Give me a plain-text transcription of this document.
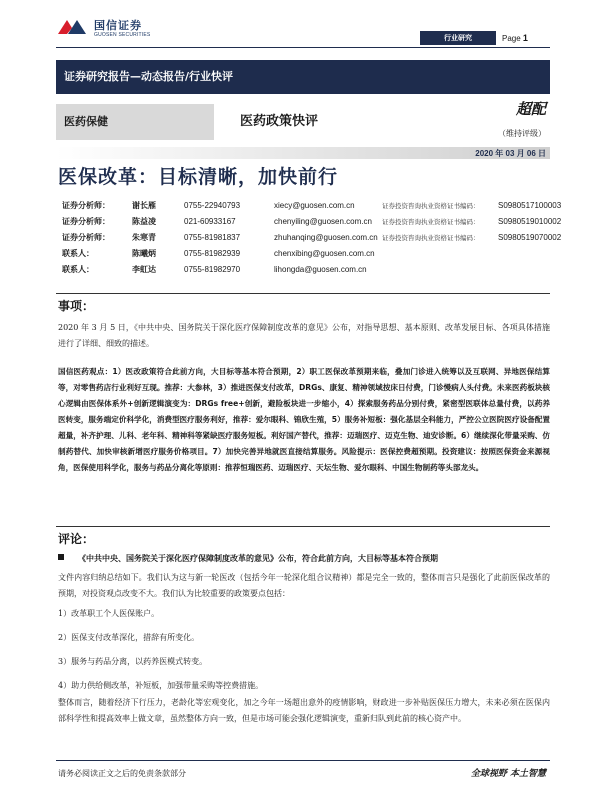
国信证券
GUOSEN SECURITIES	行业研究	Page 1
证券研究报告—动态报告/行业快评
医药保健	医药政策快评
超配
（维持评级）
2020 年 03 月 06 日
医保改革：目标清晰，加快前行
证券分析师：	谢长雁	0755-22940793	xiecy@guosen.com.cn	证券投资咨询执业资格证书编码： S0980517100003
证券分析师：	陈益凌	021-60933167	chenyiling@guosen.com.cn 证券投资咨询执业资格证书编码： S0980519010002
证券分析师：	朱寒青	0755-81981837	zhuhanqing@guosen.com.cn 证券投资咨询执业资格证书编码： S0980519070002
联系人：	陈曦炳	0755-81982939	chenxibing@guosen.com.cn
联系人：	李虹达	0755-81982970	lihongda@guosen.com.cn
事项：
2020 年 3 月 5 日，《中共中央、国务院关于深化医疗保障制度改革的意见》公布，对指导思想、基本原则、改革发展目标、各项具体措施进行了详细、细致的描述。
国信医药观点：1）医改政策符合此前方向，大目标等基本符合预期，2）职工医保改革预期来临，叠加门诊进入统筹以及互联网、异地医保结算等，对零售药店行业利好互现。推荐：大参林，3）推进医保支付改革，DRGs、康复、精神领域按床日付费，门诊慢病人头付费。未来医药板块核心逻辑由医保体系外+创新逻辑演变为：DRGs free+创新，避险板块进一步缩小，4）探索服务药品分别付费，紧密型医联体总量付费，以药养医转变，服务端定价科学化，消费型医疗服务利好，推荐：爱尔眼科、锦欣生殖，5）服务补短板：强化基层全科能力，严控公立医院医疗设备配置超量，补齐护理、儿科、老年科、精神科等紧缺医疗服务短板。利好国产替代，推荐：迈瑞医疗、迈克生物、迪安诊断。6）继续深化带量采购、仿制药替代、加快审核新增医疗服务价格项目。7）加快完善异地就医直接结算服务。风险提示：医保控费超预期。投资建议：按照医保资金来源视角，医保使用科学化，服务与药品分离化等原则：推荐恒瑞医药、迈瑞医疗、天坛生物、爱尔眼科、中国生物制药等头部龙头。
评论：
《中共中央、国务院关于深化医疗保障制度改革的意见》公布，符合此前方向，大目标等基本符合预期
文件内容归纳总结如下。我们认为这与新一轮医改（包括今年一轮深化组合议精神）都是完全一致的，整体而言只是强化了此前医保改革的预期，对投资观点改变不大。我们认为比较重要的政策要点包括：
1）改革职工个人医保账户。
2）医保支付改革深化，措辞有所变化。
3）服务与药品分离，以药养医模式转变。
4）助力供给侧改革，补短板，加强带量采购等控费措施。
整体而言，随着经济下行压力，老龄化等宏观变化，加之今年一场超出意外的疫情影响，财政进一步补贴医保压力增大，未来必须在医保内部科学性和提高效率上做文章，虽然整体方向一致，但是市场可能会强化逻辑演变，重新归队到此前的核心资产中。
请务必阅读正文之后的免责条款部分	全球视野 本土智慧
